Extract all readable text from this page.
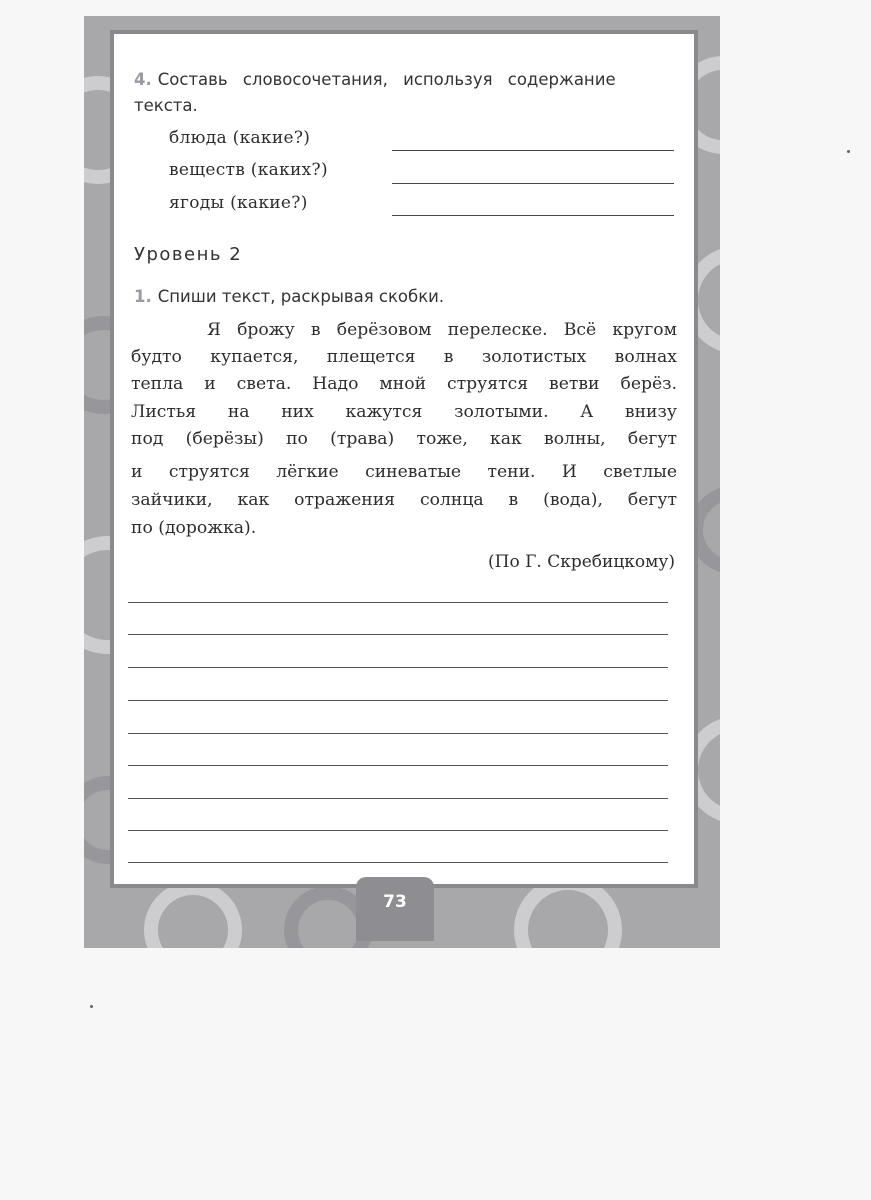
4. Составь словосочетания, используя содержание
текста.
блюда (какие?)
веществ (каких?)
ягоды (какие?)
Уровень 2
1. Спиши текст, раскрывая скобки.
Я брожу в берёзовом перелеске. Всё кругом
будто купается, плещется в золотистых волнах
тепла и света. Надо мной струятся ветви берёз.
Листья на них кажутся золотыми. А внизу
под (берёзы) по (трава) тоже, как волны, бегут
и струятся лёгкие синеватые тени. И светлые
зайчики, как отражения солнца в (вода), бегут
по (дорожка).
(По Г. Скребицкому)
73
